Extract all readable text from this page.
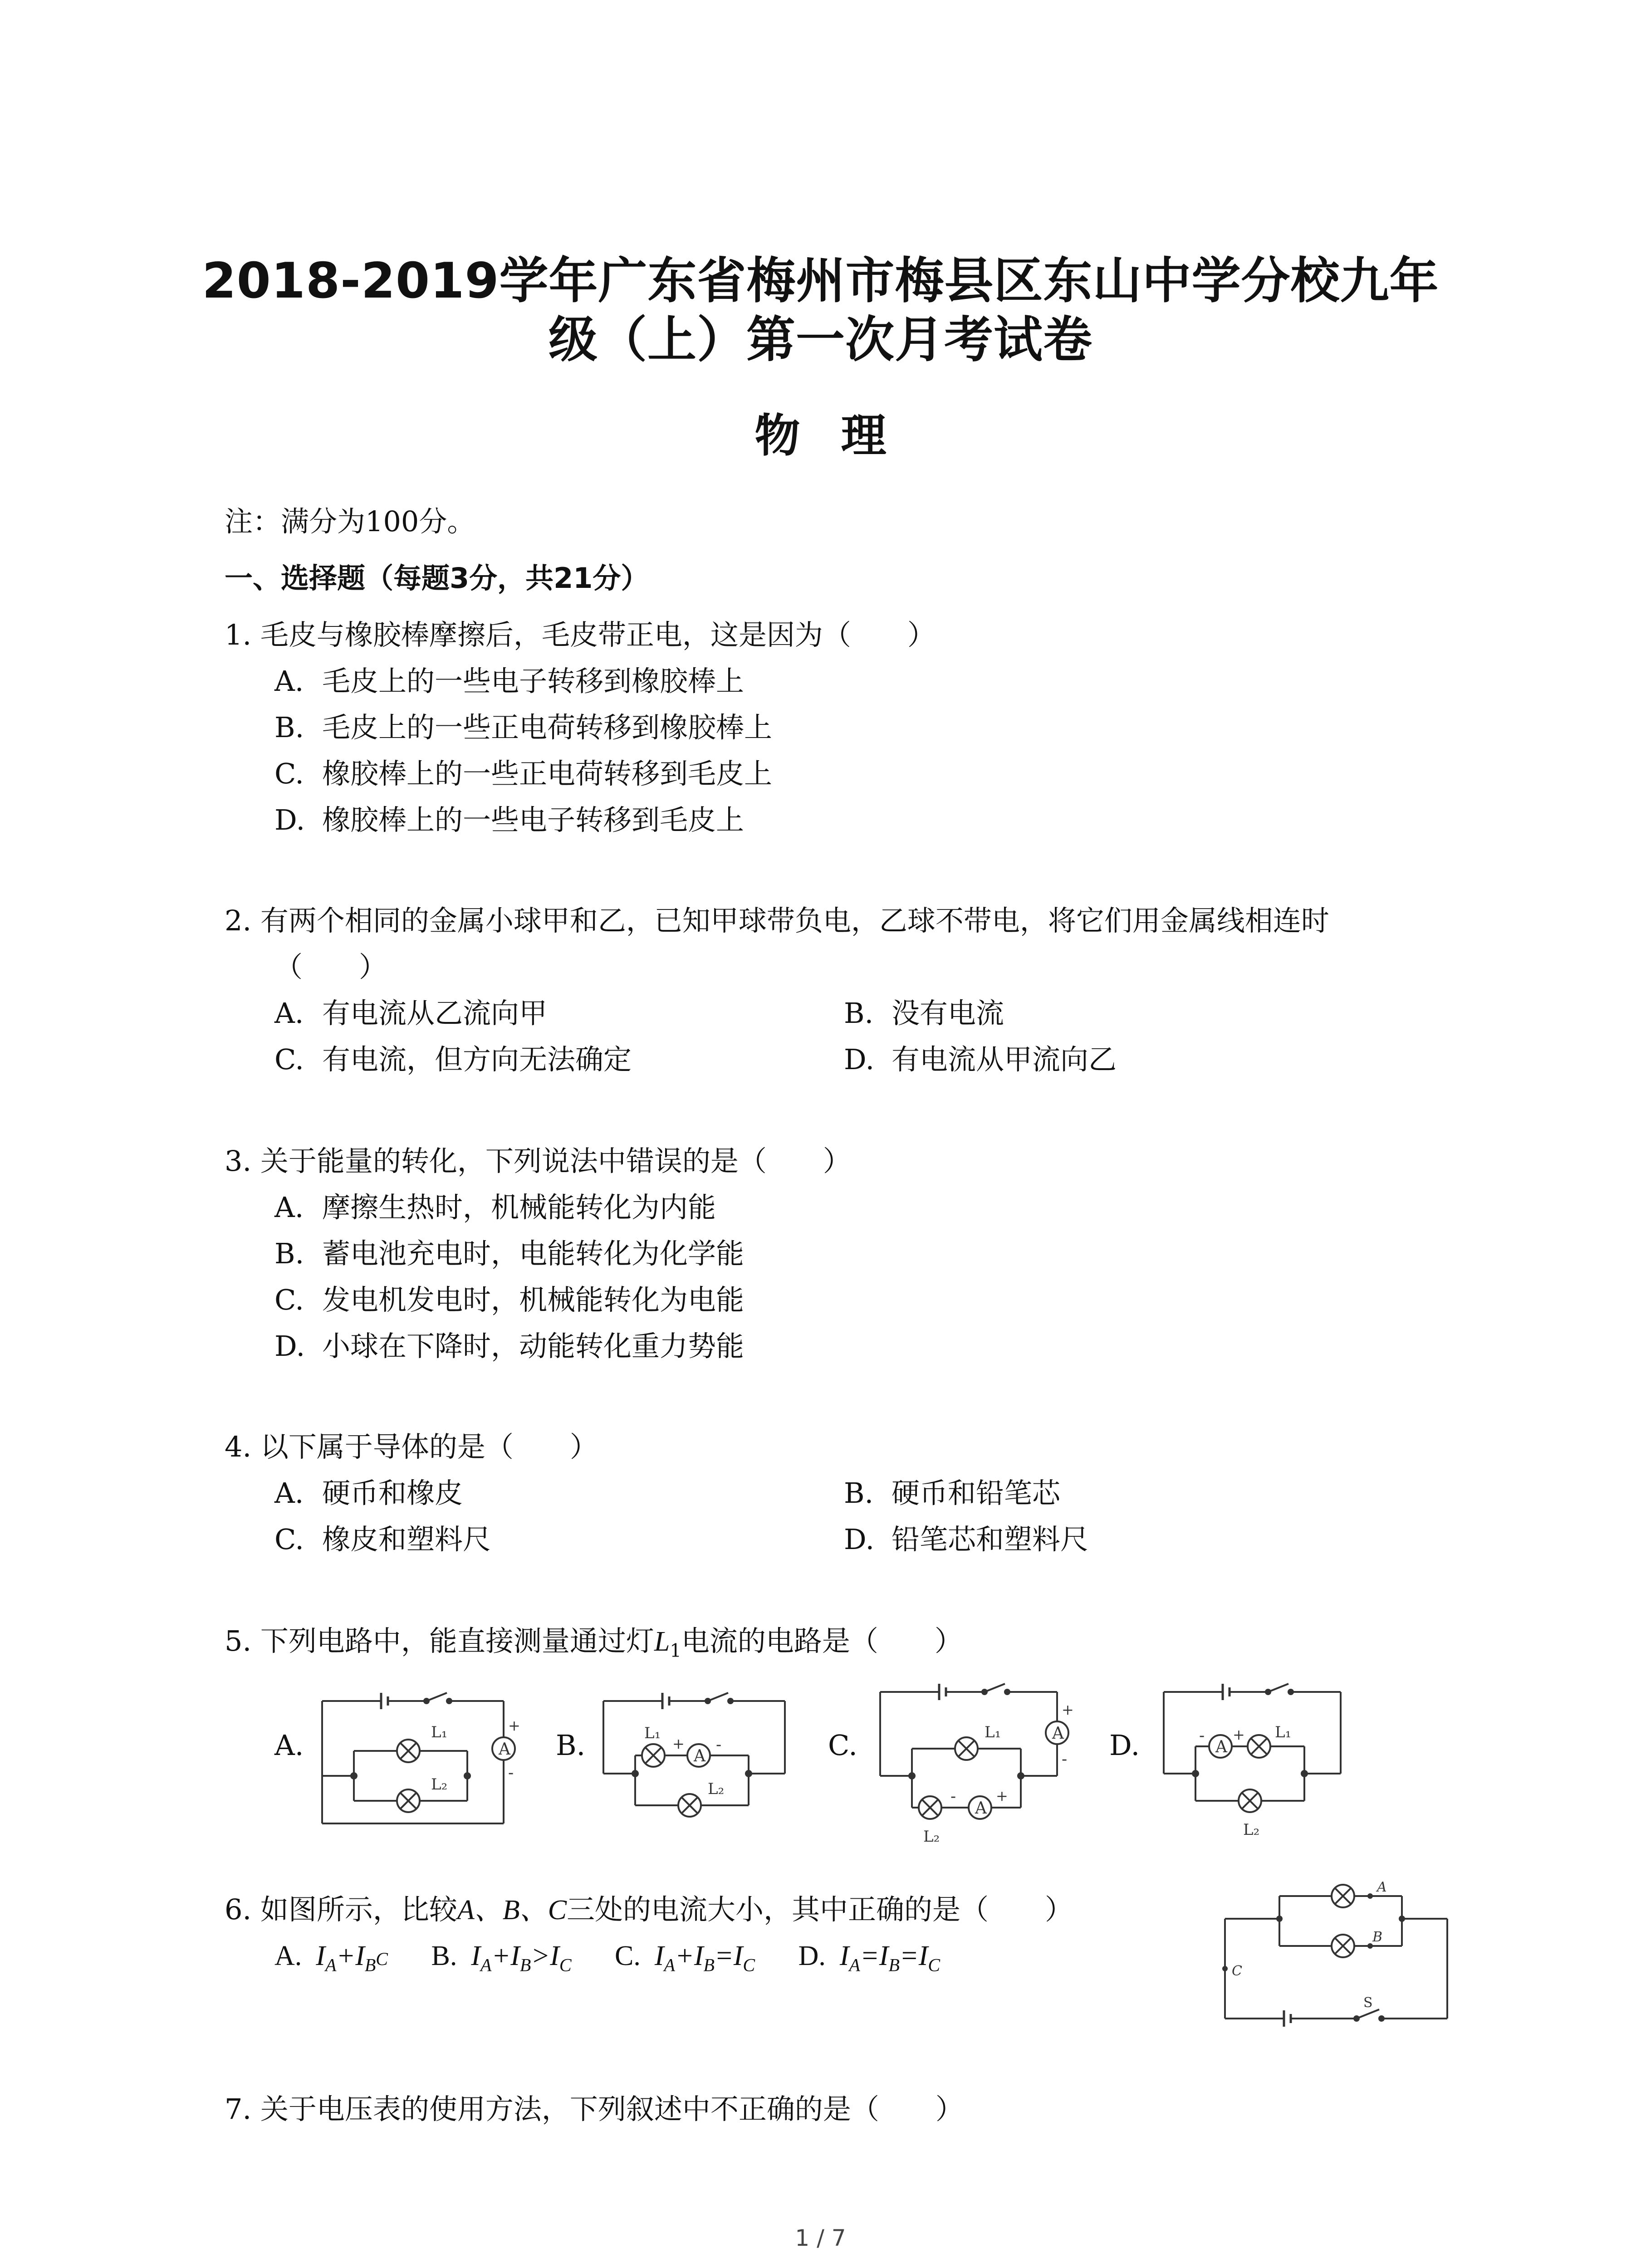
2018-2019学年广东省梅州市梅县区东山中学分校九年
级（上）第一次月考试卷
物理
注：满分为100分。
一、选择题（每题3分，共21分）
1. 毛皮与橡胶棒摩擦后，毛皮带正电，这是因为（　　）
A. 毛皮上的一些电子转移到橡胶棒上
B. 毛皮上的一些正电荷转移到橡胶棒上
C. 橡胶棒上的一些正电荷转移到毛皮上
D. 橡胶棒上的一些电子转移到毛皮上
2. 有两个相同的金属小球甲和乙，已知甲球带负电，乙球不带电，将它们用金属线相连时
（　　）
A. 有电流从乙流向甲	B. 没有电流
C. 有电流，但方向无法确定	D. 有电流从甲流向乙
3. 关于能量的转化，下列说法中错误的是（　　）
A. 摩擦生热时，机械能转化为内能
B. 蓄电池充电时，电能转化为化学能
C. 发电机发电时，机械能转化为电能
D. 小球在下降时，动能转化重力势能
4. 以下属于导体的是（　　）
A. 硬币和橡皮	B. 硬币和铅笔芯
C. 橡皮和塑料尺	D. 铅笔芯和塑料尺
5. 下列电路中，能直接测量通过灯$L_1$电流的电路是（　　）
A.	B.	C.	D.
A
L₁
L₂
+
-
A
L₁
L₂
+ -
A
A
L₁
L₂
+
-
-	+
A
L₁
L₂
- +
6. 如图所示，比较A、B、C三处的电流大小，其中正确的是（　　）
A. $I_A+I_BC$ B. $I_A+I_B>I_C$ C. $I_A+I_B=I_C$ D. $I_A=I_B=I_C$
A
B
C
S
7. 关于电压表的使用方法，下列叙述中不正确的是（　　）
1 / 7
